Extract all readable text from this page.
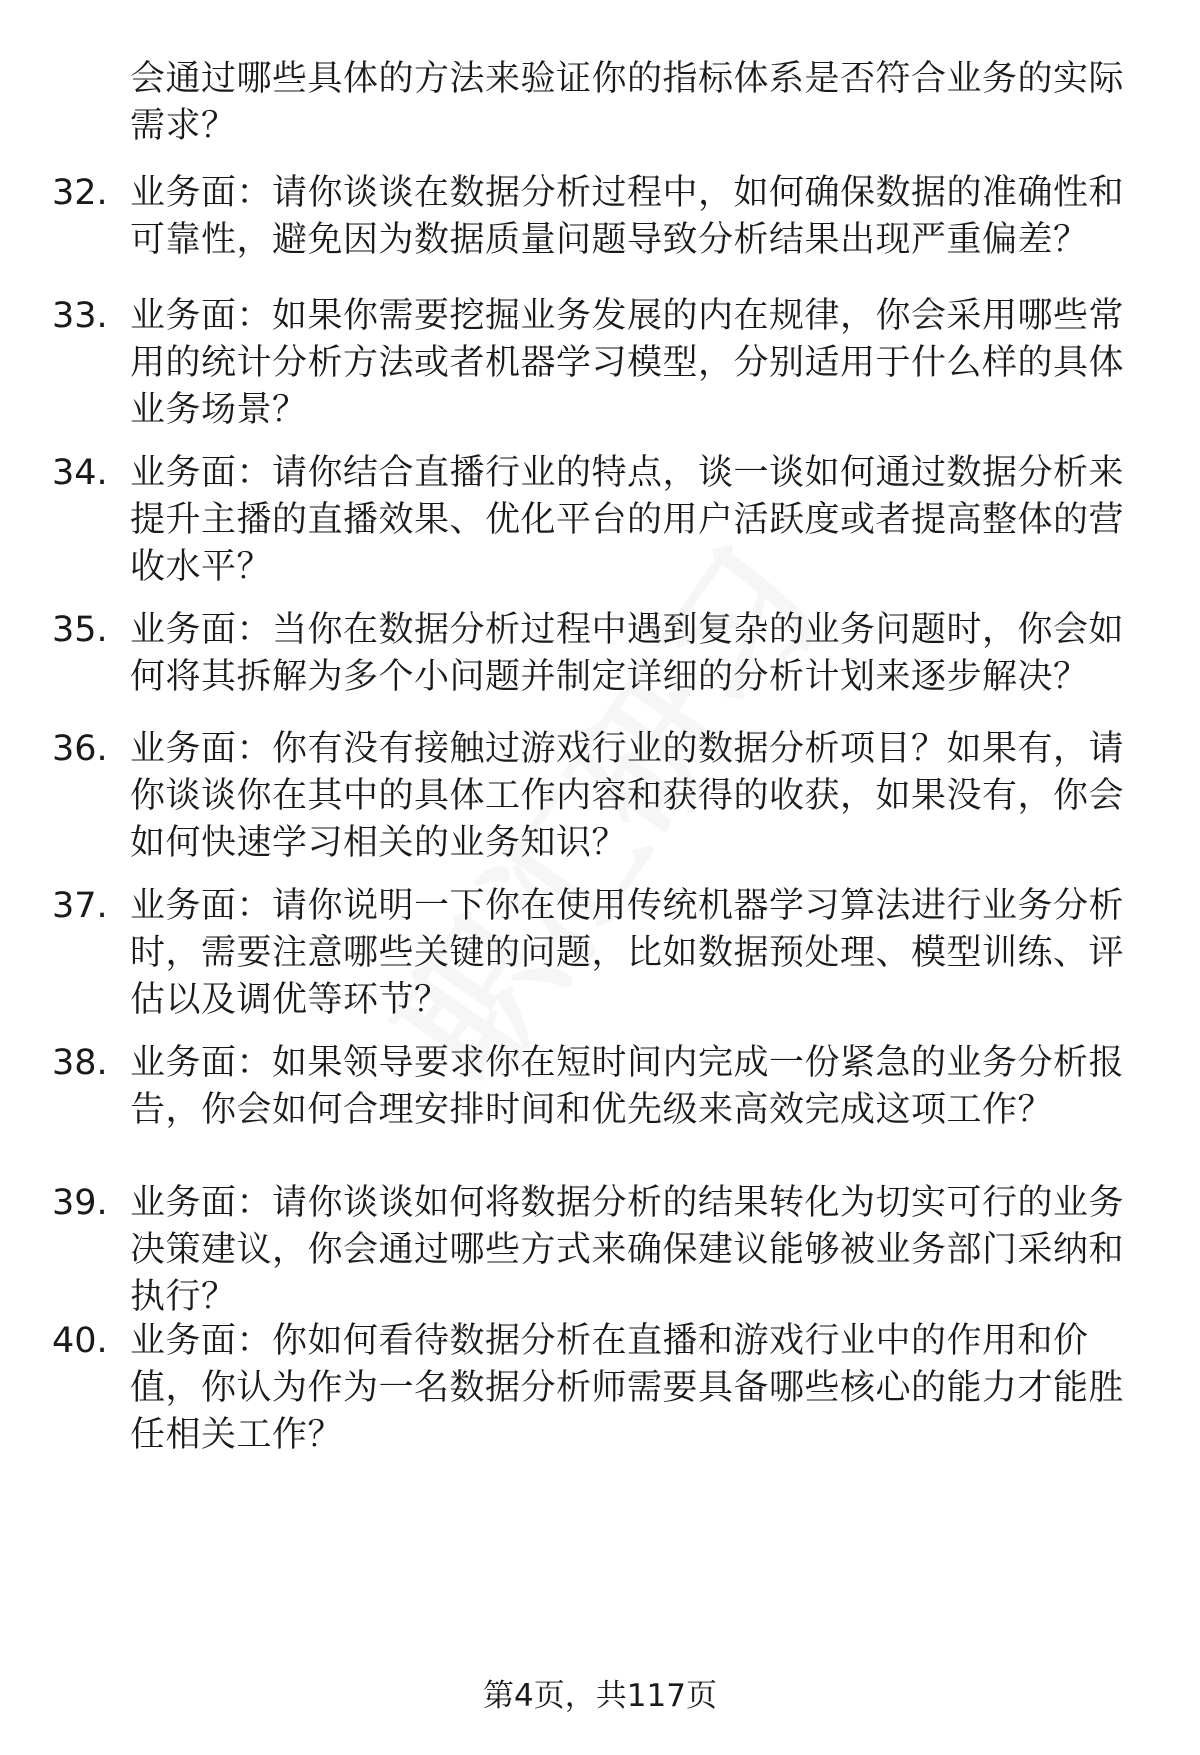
会通过哪些具体的方法来验证你的指标体系是否符合业务的实际需求？
32. 业务面：请你谈谈在数据分析过程中，如何确保数据的准确性和可靠性，避免因为数据质量问题导致分析结果出现严重偏差？
33. 业务面：如果你需要挖掘业务发展的内在规律，你会采用哪些常用的统计分析方法或者机器学习模型，分别适用于什么样的具体业务场景？
34. 业务面：请你结合直播行业的特点，谈一谈如何通过数据分析来提升主播的直播效果、优化平台的用户活跃度或者提高整体的营收水平？
35. 业务面：当你在数据分析过程中遇到复杂的业务问题时，你会如何将其拆解为多个小问题并制定详细的分析计划来逐步解决？
36. 业务面：你有没有接触过游戏行业的数据分析项目？如果有，请你谈谈你在其中的具体工作内容和获得的收获，如果没有，你会如何快速学习相关的业务知识？
37. 业务面：请你说明一下你在使用传统机器学习算法进行业务分析时，需要注意哪些关键的问题，比如数据预处理、模型训练、评估以及调优等环节？
38. 业务面：如果领导要求你在短时间内完成一份紧急的业务分析报告，你会如何合理安排时间和优先级来高效完成这项工作？
39. 业务面：请你谈谈如何将数据分析的结果转化为切实可行的业务决策建议，你会通过哪些方式来确保建议能够被业务部门采纳和执行？
40. 业务面：你如何看待数据分析在直播和游戏行业中的作用和价值，你认为作为一名数据分析师需要具备哪些核心的能力才能胜任相关工作？
第4页，共117页
